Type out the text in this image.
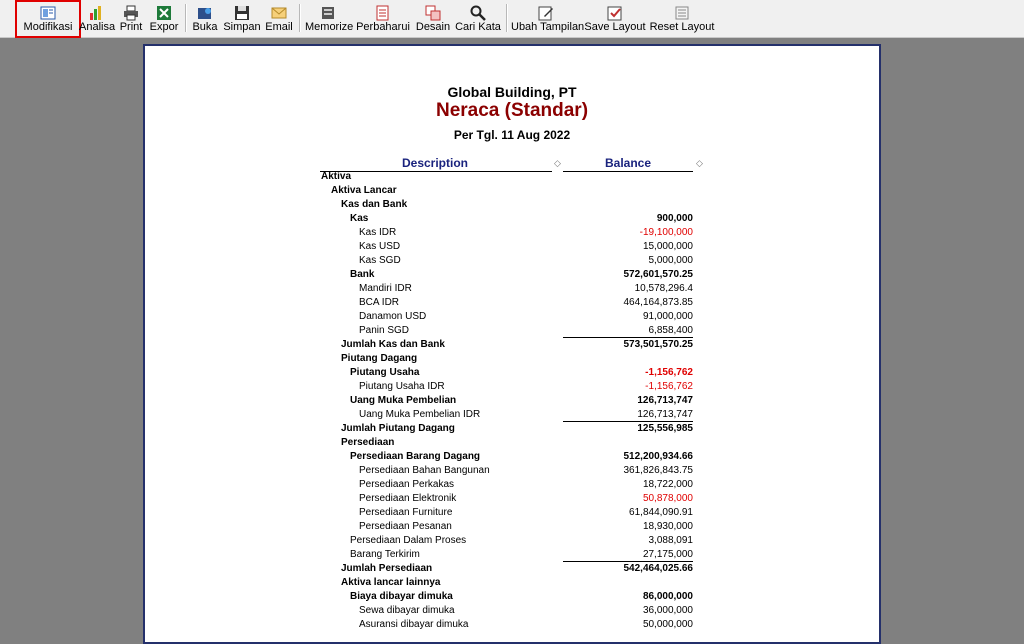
Modifikasi Analisa Print Expor Buka Simpan Email Memorize Perbaharui Desain Cari Kata Ubah Tampilan Save Layout Reset Layout
Global Building, PT
Neraca (Standar)
Per Tgl. 11 Aug 2022
Description	◇	Balance	◇
Aktiva
Aktiva Lancar
Kas dan Bank
Kas	900,000
Kas IDR	-19,100,000
Kas USD	15,000,000
Kas SGD	5,000,000
Bank	572,601,570.25
Mandiri IDR	10,578,296.4
BCA IDR	464,164,873.85
Danamon USD	91,000,000
Panin SGD	6,858,400
Jumlah Kas dan Bank	573,501,570.25
Piutang Dagang
Piutang Usaha	-1,156,762
Piutang Usaha IDR	-1,156,762
Uang Muka Pembelian	126,713,747
Uang Muka Pembelian IDR	126,713,747
Jumlah Piutang Dagang	125,556,985
Persediaan
Persediaan Barang Dagang	512,200,934.66
Persediaan Bahan Bangunan	361,826,843.75
Persediaan Perkakas	18,722,000
Persediaan Elektronik	50,878,000
Persediaan Furniture	61,844,090.91
Persediaan Pesanan	18,930,000
Persediaan Dalam Proses	3,088,091
Barang Terkirim	27,175,000
Jumlah Persediaan	542,464,025.66
Aktiva lancar lainnya
Biaya dibayar dimuka	86,000,000
Sewa dibayar dimuka	36,000,000
Asuransi dibayar dimuka	50,000,000
